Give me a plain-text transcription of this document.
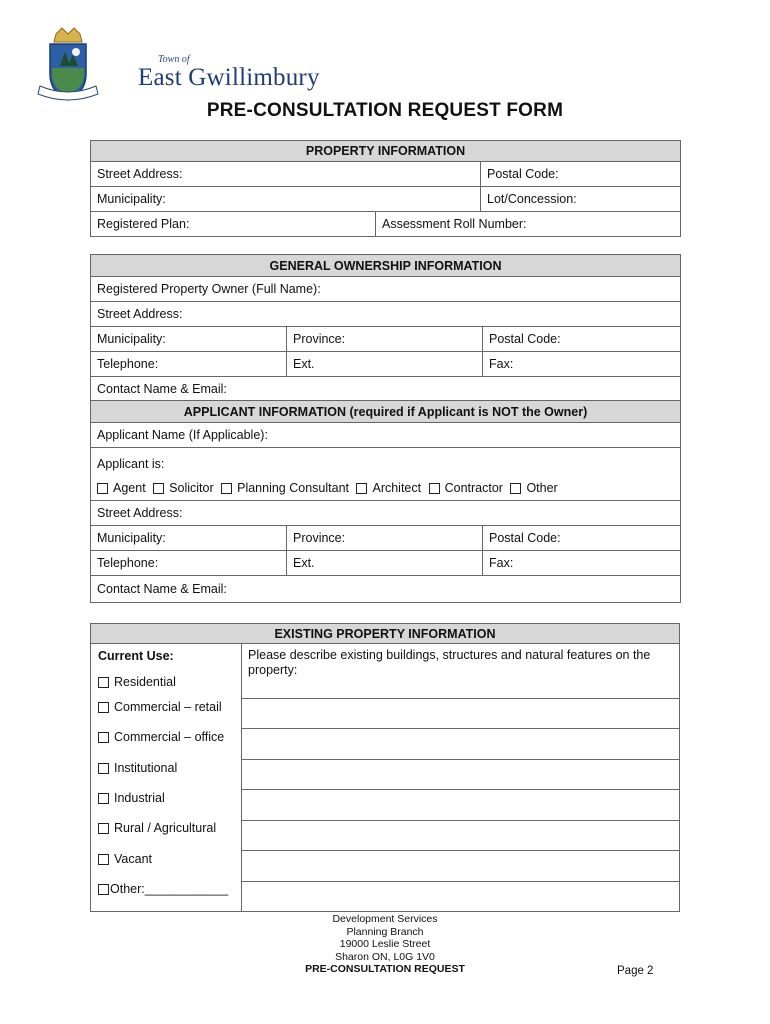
Town of
East Gwillimbury
PRE-CONSULTATION REQUEST FORM
PROPERTY INFORMATION		
Street Address:		Postal Code:
Municipality:		Lot/Concession:
Registered Plan:	Assessment Roll Number:	
GENERAL OWNERSHIP INFORMATION		
Registered Property Owner (Full Name):		
Street Address:		
Municipality:	Province:	Postal Code:
Telephone:	Ext.	Fax:
Contact Name & Email:		
APPLICANT INFORMATION (required if Applicant is NOT the Owner)		
Applicant Name (If Applicable):		

Applicant is:
Agent Solicitor Planning Consultant Architect Contractor Other		

Street Address:		
Municipality:	Province:	Postal Code:
Telephone:	Ext.	Fax:
Contact Name & Email:		
EXISTING PROPERTY INFORMATION
Current Use:	Please describe existing buildings, structures and natural features on the property:
Residential
Commercial – retail
Commercial – office
Institutional
Industrial
Rural / Agricultural
Vacant
Other:____________
Development Services
Planning Branch
19000 Leslie Street
Sharon ON, L0G 1V0
PRE-CONSULTATION REQUEST	Page 2
